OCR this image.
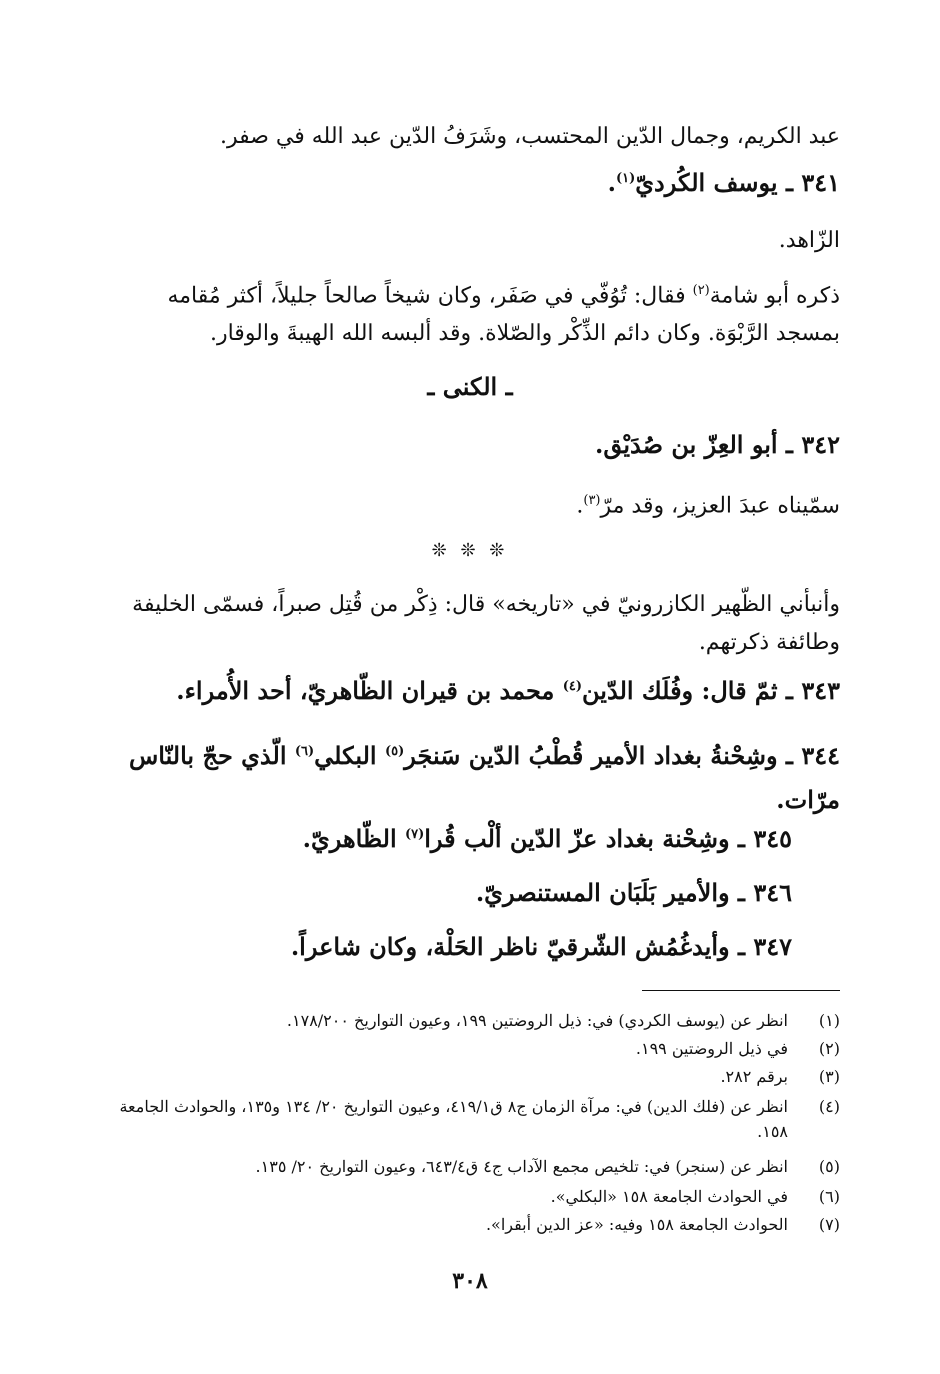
عبد الكريم، وجمال الدّين المحتسب، وشَرَفُ الدّين عبد الله في صفر.
٣٤١ ـ يوسف الكُرديّ$^{(١)}$.
الزّاهد.
ذكره أبو شامة$^{(٢)}$ فقال: تُوُفّي في صَفَر، وكان شيخاً صالحاً جليلاً، أكثر مُقامه بمسجد الرَّبْوَة. وكان دائم الذِّكْر والصّلاة. وقد ألبسه الله الهيبةَ والوقار.
ـ الكنى ـ
٣٤٢ ـ أبو العِزّ بن صُدَيْق.
سمّيناه عبدَ العزيز، وقد مرّ$^{(٣)}$.
❊ ❊ ❊
وأنبأني الظّهير الكازرونيّ في «تاريخه» قال: ذِكْر من قُتِل صبراً، فسمّى الخليفة وطائفة ذكرتهم.
٣٤٣ ـ ثمّ قال: وفُلَك الدّين$^{(٤)}$ محمد بن قيران الظّاهريّ، أحد الأُمراء.
٣٤٤ ـ وشِحْنةُ بغداد الأمير قُطْبُ الدّين سَنجَر$^{(٥)}$ البكلي$^{(٦)}$ الّذي حجّ بالنّاس مرّات.
٣٤٥ ـ وشِحْنة بغداد عزّ الدّين ألْب قُرا$^{(٧)}$ الظّاهريّ.
٣٤٦ ـ والأمير بَلَبَان المستنصريّ.
٣٤٧ ـ وأيدغُمُش الشّرقيّ ناظر الحَلْة، وكان شاعراً.
(١)
انظر عن (يوسف الكردي) في: ذيل الروضتين ١٩٩، وعيون التواريخ ١٧٨/٢٠٠.
(٢)
في ذيل الروضتين ١٩٩.
(٣)
برقم ٢٨٢.
(٤)
انظر عن (فلك الدين) في: مرآة الزمان ج٨ ق٤١٩/١، وعيون التواريخ ٢٠/ ١٣٤ و١٣٥، والحوادث الجامعة ١٥٨.
(٥)
انظر عن (سنجر) في: تلخيص مجمع الآداب ج٤ ق٦٤٣/٤، وعيون التواريخ ٢٠/ ١٣٥.
(٦)
في الحوادث الجامعة ١٥٨ «البكلي».
(٧)
الحوادث الجامعة ١٥٨ وفيه: «عز الدين أبقرا».
٣٠٨
